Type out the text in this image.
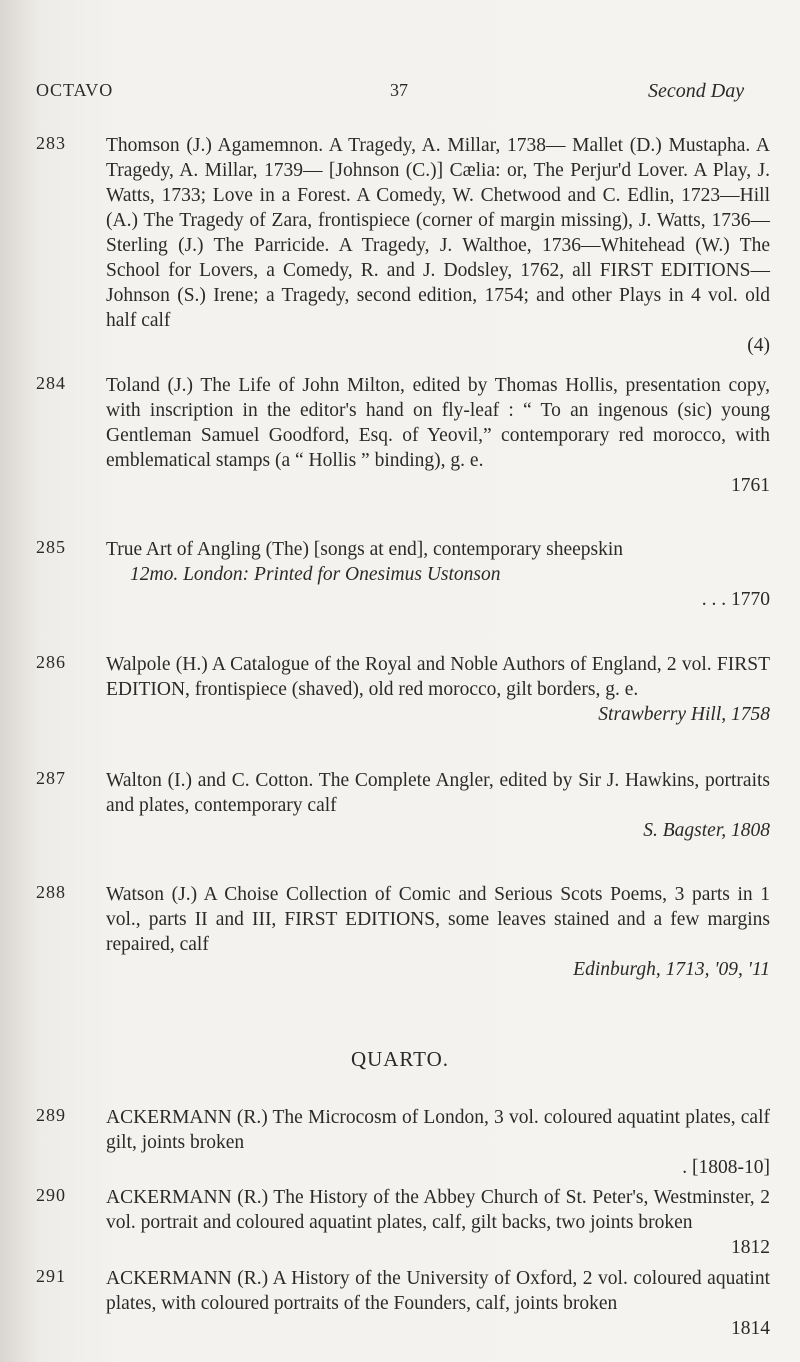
OCTAVO	37	Second Day
283 Thomson (J.) Agamemnon. A Tragedy, A. Millar, 1738— Mallet (D.) Mustapha. A Tragedy, A. Millar, 1739— [Johnson (C.)] Cælia: or, The Perjur'd Lover. A Play, J. Watts, 1733; Love in a Forest. A Comedy, W. Chetwood and C. Edlin, 1723—Hill (A.) The Tragedy of Zara, frontispiece (corner of margin missing), J. Watts, 1736—Sterling (J.) The Parricide. A Tragedy, J. Walthoe, 1736—Whitehead (W.) The School for Lovers, a Comedy, R. and J. Dodsley, 1762, all FIRST EDITIONS—Johnson (S.) Irene; a Tragedy, second edition, 1754; and other Plays in 4 vol. old half calf
(4)
284 Toland (J.) The Life of John Milton, edited by Thomas Hollis, presentation copy, with inscription in the editor's hand on fly-leaf : “ To an ingenous (sic) young Gentleman Samuel Goodford, Esq. of Yeovil,” contemporary red morocco, with emblematical stamps (a “ Hollis ” binding), g. e.
1761
285 True Art of Angling (The) [songs at end], contemporary sheepskin
12mo. London: Printed for Onesimus Ustonson
. . . 1770
286 Walpole (H.) A Catalogue of the Royal and Noble Authors of England, 2 vol. FIRST EDITION, frontispiece (shaved), old red morocco, gilt borders, g. e.
Strawberry Hill, 1758
287 Walton (I.) and C. Cotton. The Complete Angler, edited by Sir J. Hawkins, portraits and plates, contemporary calf
S. Bagster, 1808
288 Watson (J.) A Choise Collection of Comic and Serious Scots Poems, 3 parts in 1 vol., parts II and III, FIRST EDITIONS, some leaves stained and a few margins repaired, calf
Edinburgh, 1713, '09, '11
QUARTO.
289 ACKERMANN (R.) The Microcosm of London, 3 vol. coloured aquatint plates, calf gilt, joints broken
. [1808-10]
290 ACKERMANN (R.) The History of the Abbey Church of St. Peter's, Westminster, 2 vol. portrait and coloured aquatint plates, calf, gilt backs, two joints broken
1812
291 ACKERMANN (R.) A History of the University of Oxford, 2 vol. coloured aquatint plates, with coloured portraits of the Founders, calf, joints broken
1814
